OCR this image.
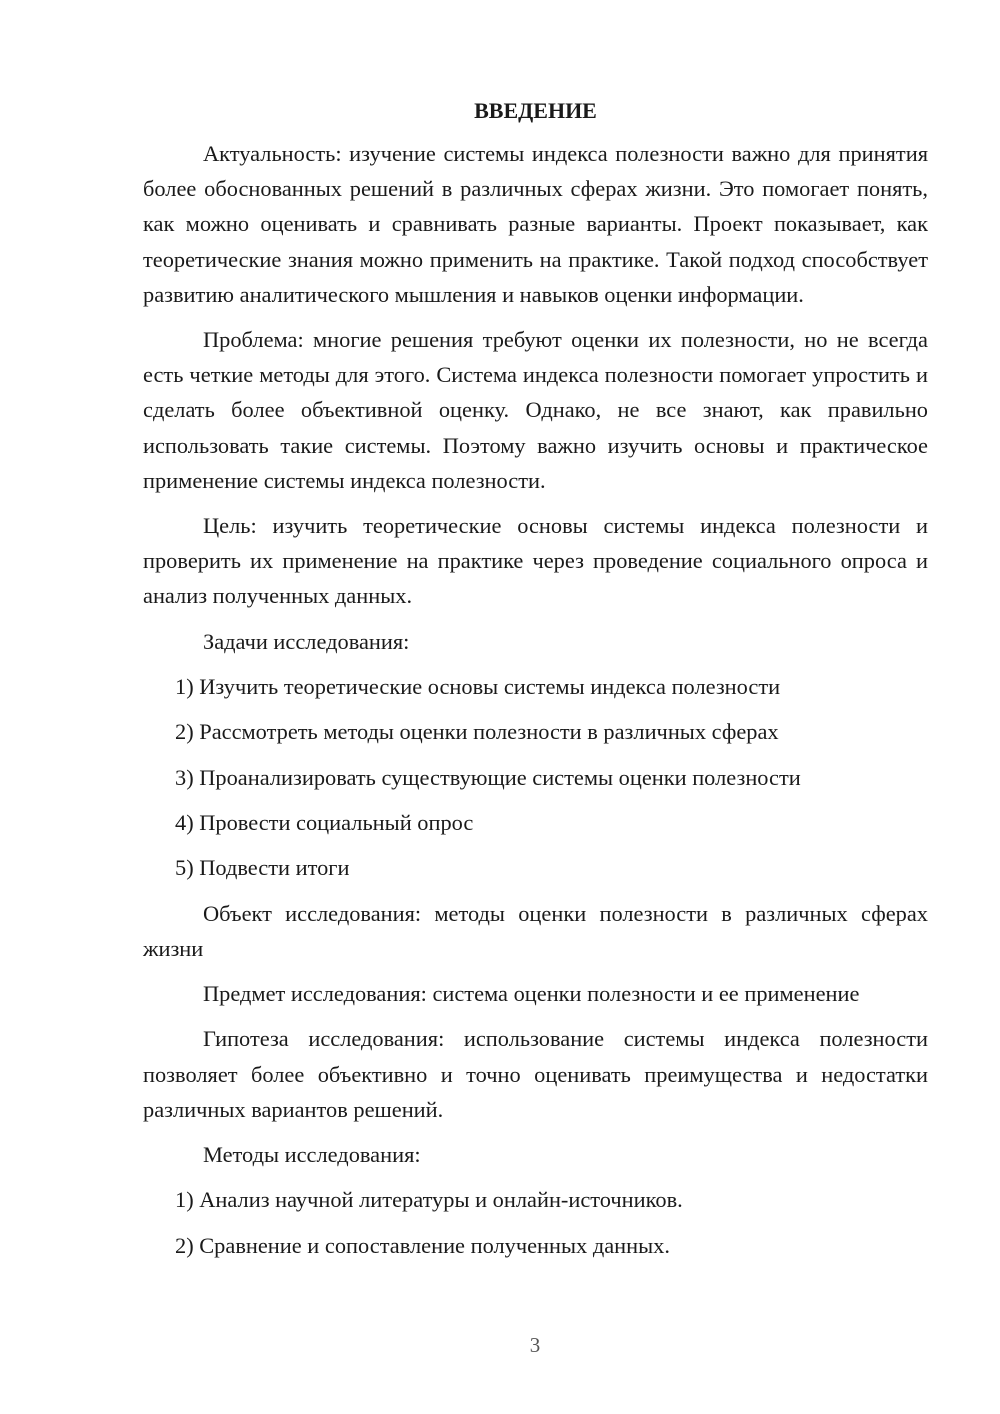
ВВЕДЕНИЕ

Актуальность: изучение системы индекса полезности важно для принятия более обоснованных решений в различных сферах жизни. Это помогает понять, как можно оценивать и сравнивать разные варианты. Проект показывает, как теоретические знания можно применить на практике. Такой подход способствует развитию аналитического мышления и навыков оценки информации.

Проблема: многие решения требуют оценки их полезности, но не всегда есть четкие методы для этого. Система индекса полезности помогает упростить и сделать более объективной оценку. Однако, не все знают, как правильно использовать такие системы. Поэтому важно изучить основы и практическое применение системы индекса полезности.

Цель: изучить теоретические основы системы индекса полезности и проверить их применение на практике через проведение социального опроса и анализ полученных данных.

Задачи исследования:

1) Изучить теоретические основы системы индекса полезности
2) Рассмотреть методы оценки полезности в различных сферах
3) Проанализировать существующие системы оценки полезности
4) Провести социальный опрос
5) Подвести итоги

Объект исследования: методы оценки полезности в различных сферах жизни

Предмет исследования: система оценки полезности и ее применение

Гипотеза исследования: использование системы индекса полезности позволяет более объективно и точно оценивать преимущества и недостатки различных вариантов решений.

Методы исследования:

1) Анализ научной литературы и онлайн-источников.
2) Сравнение и сопоставление полученных данных.
3
